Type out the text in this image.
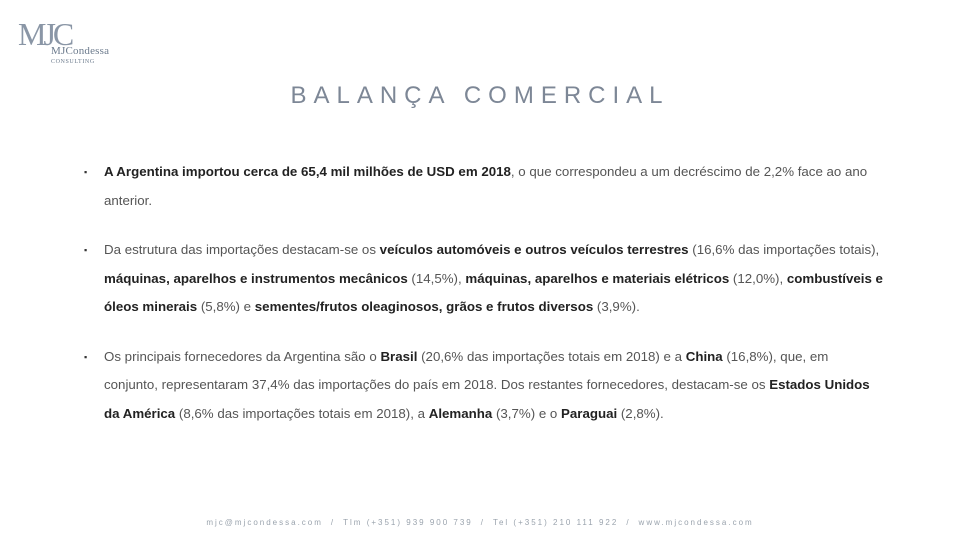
MJC
MJCondessa
CONSULTING
BALANÇA COMERCIAL
▪ A Argentina importou cerca de 65,4 mil milhões de USD em 2018, o que correspondeu a um decréscimo de 2,2% face ao ano anterior.
▪ Da estrutura das importações destacam-se os veículos automóveis e outros veículos terrestres (16,6% das importações totais), máquinas, aparelhos e instrumentos mecânicos (14,5%), máquinas, aparelhos e materiais elétricos (12,0%), combustíveis e óleos minerais (5,8%) e sementes/frutos oleaginosos, grãos e frutos diversos (3,9%).
▪ Os principais fornecedores da Argentina são o Brasil (20,6% das importações totais em 2018) e a China (16,8%), que, em conjunto, representaram 37,4% das importações do país em 2018. Dos restantes fornecedores, destacam-se os Estados Unidos da América (8,6% das importações totais em 2018), a Alemanha (3,7%) e o Paraguai (2,8%).
mjc@mjcondessa.com / Tlm (+351) 939 900 739 / Tel (+351) 210 111 922 / www.mjcondessa.com
